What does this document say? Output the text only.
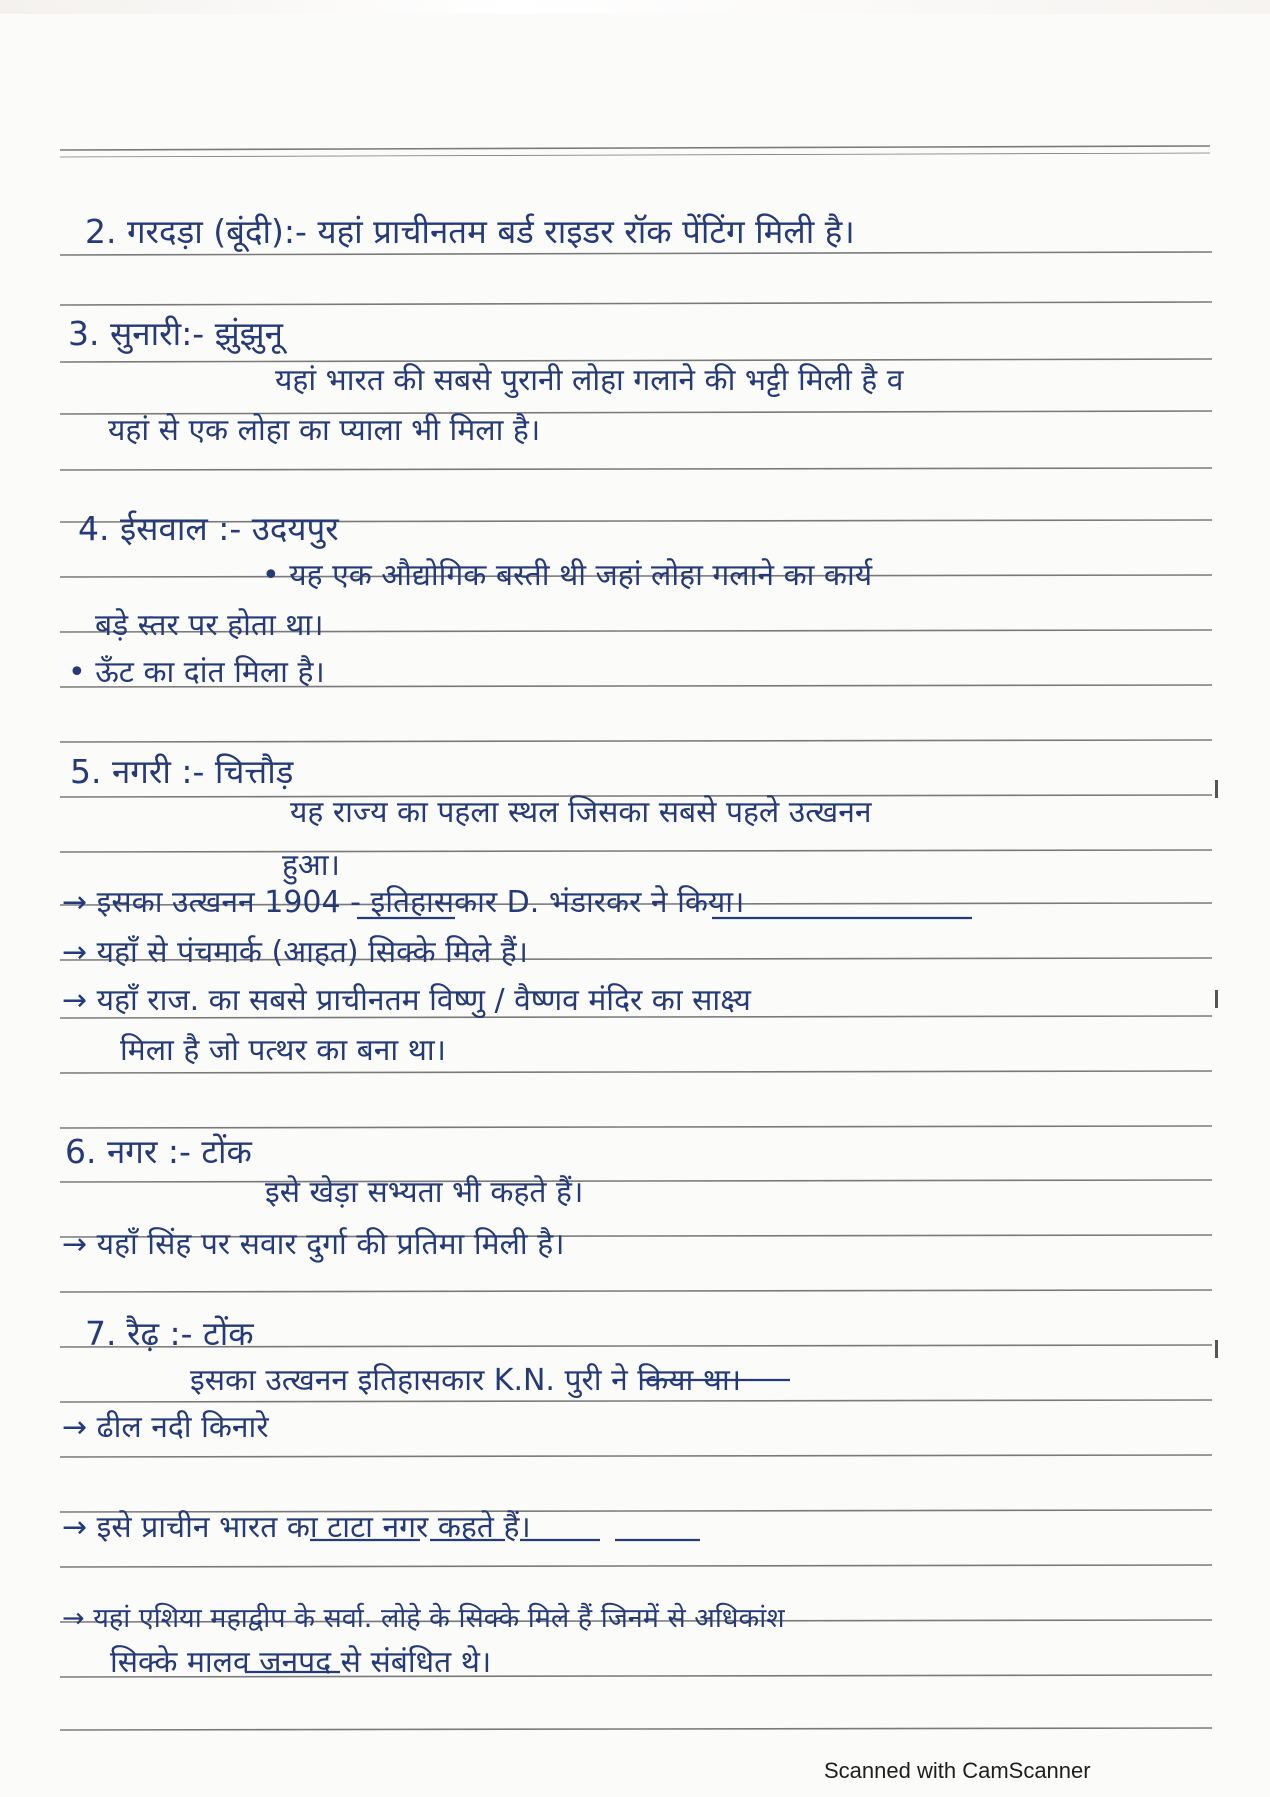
2. गरदड़ा (बूंदी):- यहां प्राचीनतम बर्ड राइडर रॉक पेंटिंग मिली है।
3. सुनारी:- झुंझुनू
यहां भारत की सबसे पुरानी लोहा गलाने की भट्टी मिली है व
यहां से एक लोहा का प्याला भी मिला है।
4. ईसवाल :- उदयपुर
• यह एक औद्योगिक बस्ती थी जहां लोहा गलाने का कार्य
बड़े स्तर पर होता था।
• ऊँट का दांत मिला है।
5. नगरी :- चित्तौड़
यह राज्य का पहला स्थल जिसका सबसे पहले उत्खनन
हुआ।
→ इसका उत्खनन 1904 - इतिहासकार D. भंडारकर ने किया।
→ यहाँ से पंचमार्क (आहत) सिक्के मिले हैं।
→ यहाँ राज. का सबसे प्राचीनतम विष्णु / वैष्णव मंदिर का साक्ष्य
मिला है जो पत्थर का बना था।
6. नगर :- टोंक
इसे खेड़ा सभ्यता भी कहते हैं।
→ यहाँ सिंह पर सवार दुर्गा की प्रतिमा मिली है।
7. रैढ़ :- टोंक
इसका उत्खनन इतिहासकार K.N. पुरी ने किया था।
→ ढील नदी किनारे
→ इसे प्राचीन भारत का टाटा नगर कहते हैं।
→ यहां एशिया महाद्वीप के सर्वा. लोहे के सिक्के मिले हैं जिनमें से अधिकांश
सिक्के मालव जनपद से संबंधित थे।
Scanned with CamScanner
